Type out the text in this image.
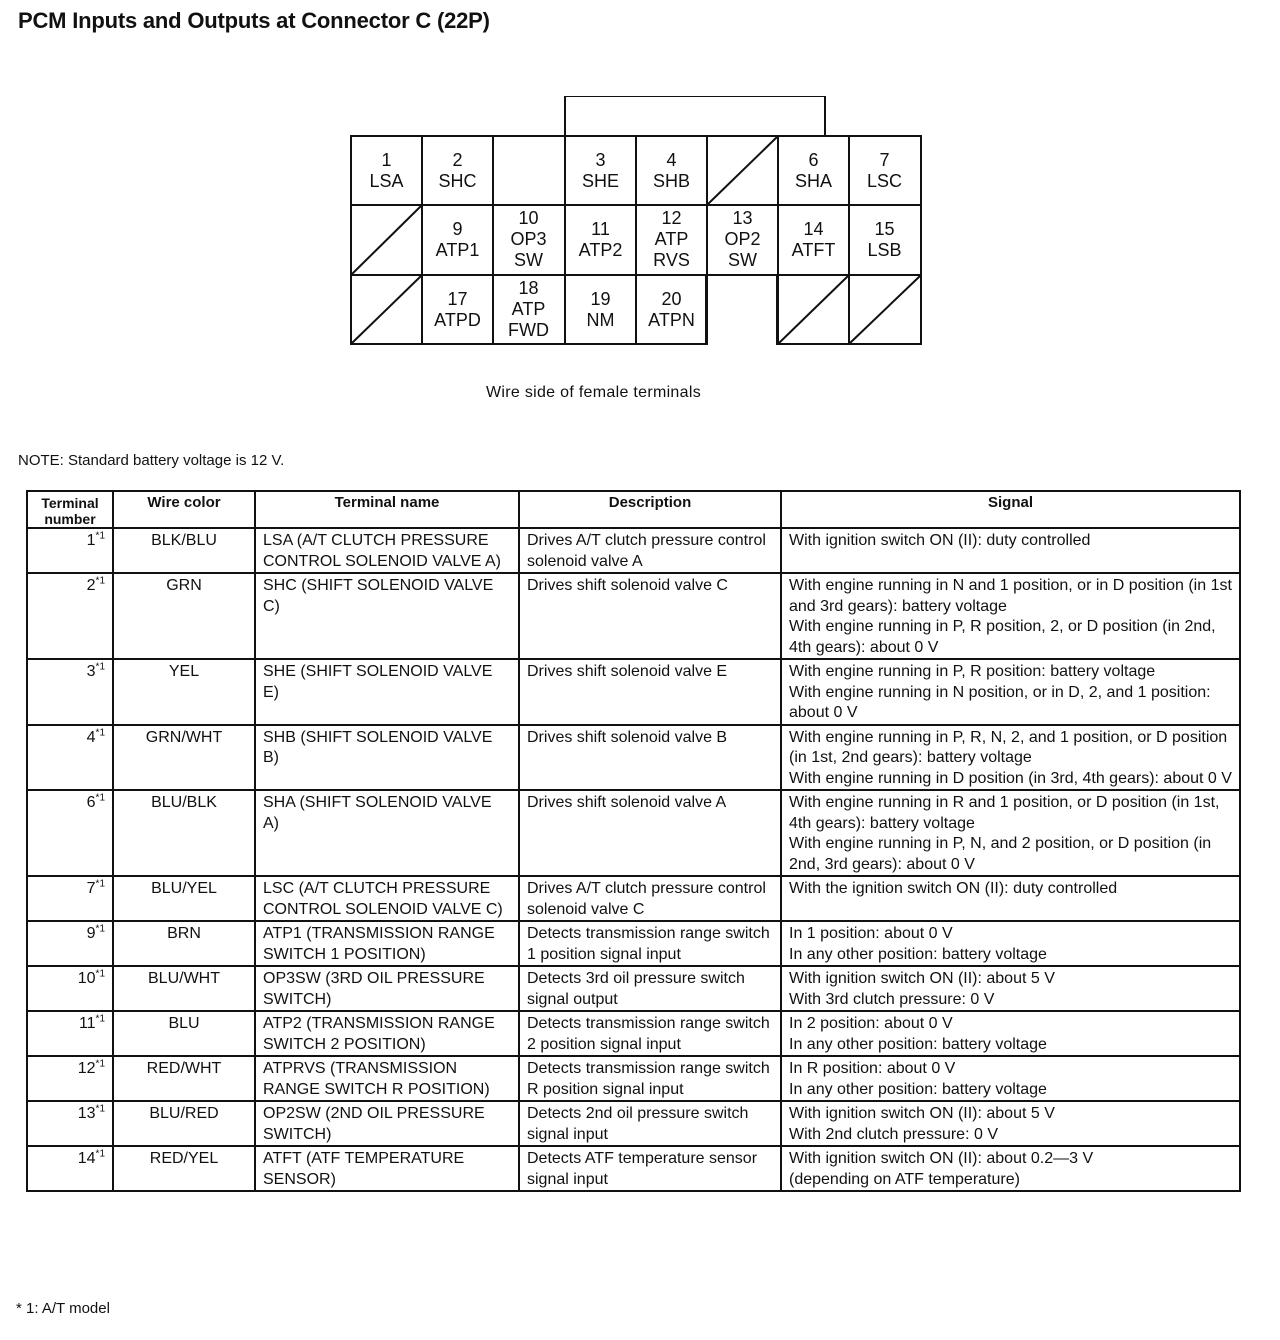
PCM Inputs and Outputs at Connector C (22P)
1
LSA
2
SHC
3
SHE
4
SHB
6
SHA
7
LSC
9
ATP1
10
OP3
SW
11
ATP2
12
ATP
RVS
13
OP2
SW
14
ATFT
15
LSB
17
ATPD
18
ATP
FWD
19
NM
20
ATPN
Wire side of female terminals
NOTE: Standard battery voltage is 12 V.
Terminal number	Wire color	Terminal name	Description	Signal
1$^{*1}$	BLK/BLU	LSA (A/T CLUTCH PRESSURE CONTROL SOLENOID VALVE A)	Drives A/T clutch pressure control solenoid valve A	With ignition switch ON (II): duty controlled
2$^{*1}$	GRN	SHC (SHIFT SOLENOID VALVE C)	Drives shift solenoid valve C	With engine running in N and 1 position, or in D position (in 1st and 3rd gears): battery voltage
With engine running in P, R position, 2, or D position (in 2nd, 4th gears): about 0 V
3$^{*1}$	YEL	SHE (SHIFT SOLENOID VALVE E)	Drives shift solenoid valve E	With engine running in P, R position: battery voltage
With engine running in N position, or in D, 2, and 1 position: about 0 V
4$^{*1}$	GRN/WHT	SHB (SHIFT SOLENOID VALVE B)	Drives shift solenoid valve B	With engine running in P, R, N, 2, and 1 position, or D position (in 1st, 2nd gears): battery voltage
With engine running in D position (in 3rd, 4th gears): about 0 V
6$^{*1}$	BLU/BLK	SHA (SHIFT SOLENOID VALVE A)	Drives shift solenoid valve A	With engine running in R and 1 position, or D position (in 1st, 4th gears): battery voltage
With engine running in P, N, and 2 position, or D position (in 2nd, 3rd gears): about 0 V
7$^{*1}$	BLU/YEL	LSC (A/T CLUTCH PRESSURE CONTROL SOLENOID VALVE C)	Drives A/T clutch pressure control solenoid valve C	With the ignition switch ON (II): duty controlled
9$^{*1}$	BRN	ATP1 (TRANSMISSION RANGE SWITCH 1 POSITION)	Detects transmission range switch 1 position signal input	In 1 position: about 0 V
In any other position: battery voltage
10$^{*1}$	BLU/WHT	OP3SW (3RD OIL PRESSURE SWITCH)	Detects 3rd oil pressure switch signal output	With ignition switch ON (II): about 5 V
With 3rd clutch pressure: 0 V
11$^{*1}$	BLU	ATP2 (TRANSMISSION RANGE SWITCH 2 POSITION)	Detects transmission range switch 2 position signal input	In 2 position: about 0 V
In any other position: battery voltage
12$^{*1}$	RED/WHT	ATPRVS (TRANSMISSION RANGE SWITCH R POSITION)	Detects transmission range switch R position signal input	In R position: about 0 V
In any other position: battery voltage
13$^{*1}$	BLU/RED	OP2SW (2ND OIL PRESSURE SWITCH)	Detects 2nd oil pressure switch signal input	With ignition switch ON (II): about 5 V
With 2nd clutch pressure: 0 V
14$^{*1}$	RED/YEL	ATFT (ATF TEMPERATURE SENSOR)	Detects ATF temperature sensor signal input	With ignition switch ON (II): about 0.2—3 V
(depending on ATF temperature)
* 1: A/T model
